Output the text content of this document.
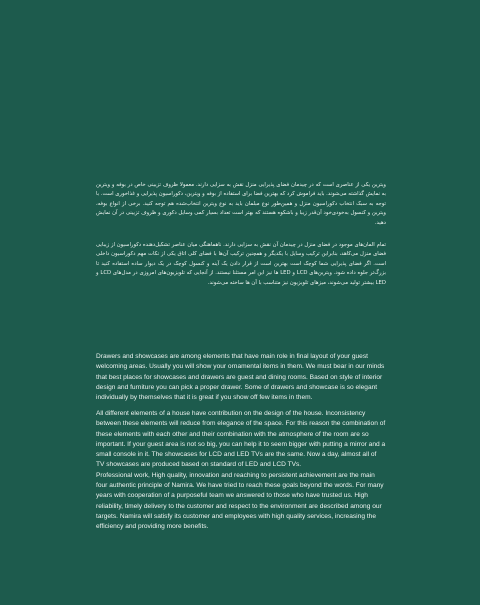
ویترین یکی از عناصری است که در چیدمان فضای پذیرایی منزل نقش به سزایی دارند. معمولا ظروف تزیینی خاص در بوفه و ویترین به نمایش گذاشته می‌شوند. باید فراموش کرد که بهترین فضا برای استفاده از بوفه و ویترین، دکوراسیون پذیرایی و غذاخوری است. با توجه به سبک انتخاب دکوراسیون منزل و همین‌طور نوع مبلمان باید به نوع ویترین انتخاب‌شده هم توجه کنید. برخی از انواع بوفه، ویترین و کنسول به‌خودی‌خود آن‌قدر زیبا و باشکوه هستند که بهتر است تعداد بسیار کمی وسایل دکوری و ظروف تزیینی در آن نمایش دهید.
تمام المان‌های موجود در فضای منزل در چیدمان آن نقش به سزایی دارند. ناهماهنگی میان عناصر تشکیل‌دهنده دکوراسیون از زیبایی فضای منزل می‌کاهد، بنابراین ترکیب وسایل با یکدیگر و همچنین ترکیب آن‌ها با فضای کلی اتاق یکی از نکات مهم دکوراسیون داخلی است. اگر فضای پذیرایی شما کوچک است بهترین است از قرار دادن یک آینه و کنسول کوچک در یک دیوار ساده استفاده کنید تا بزرگ‌تر جلوه داده شود. ویترین‌های LCD و LED ها نیز این امر مستثنا نیستند. از آنجایی که تلویزیون‌های امروزی در مدل‌های LCD و LED بیشتر تولید می‌شوند، میزهای تلویزیون نیز متناسب با آن ها ساخته می‌شوند.
Drawers and showcases are among elements that have main role in final layout of your guest welcoming areas. Usually you will show your ornamental items in them. We must bear in our minds that best places for showcases and drawers are guest and dining rooms. Based on style of interior design and furniture you can pick a proper drawer. Some of drawers and showcase is so elegant individually by themselves that it is great if you show off few items in them.
All different elements of a house have contribution on the design of the house. Inconsistency between these elements will reduce from elegance of the space. For this reason the combination of these elements with each other and their combination with the atmosphere of the room are so important. If your guest area is not so big, you can help it to seem bigger with putting a mirror and a small console in it. The showcases for LCD and LED TVs are the same. Now a day, almost all of TV showcases are produced based on standard of LED and LCD TVs.
Professional work, High quality, innovation and reaching to persistent achievement are the main four authentic principle of Namira. We have tried to reach these goals beyond the words. For many years with cooperation of a purposeful team we answered to those who have trusted us. High reliability, timely delivery to the customer and respect to the environment are described among our targets. Namira will satisfy its customer and employees with high quality services, increasing the efficiency and providing more benefits.
